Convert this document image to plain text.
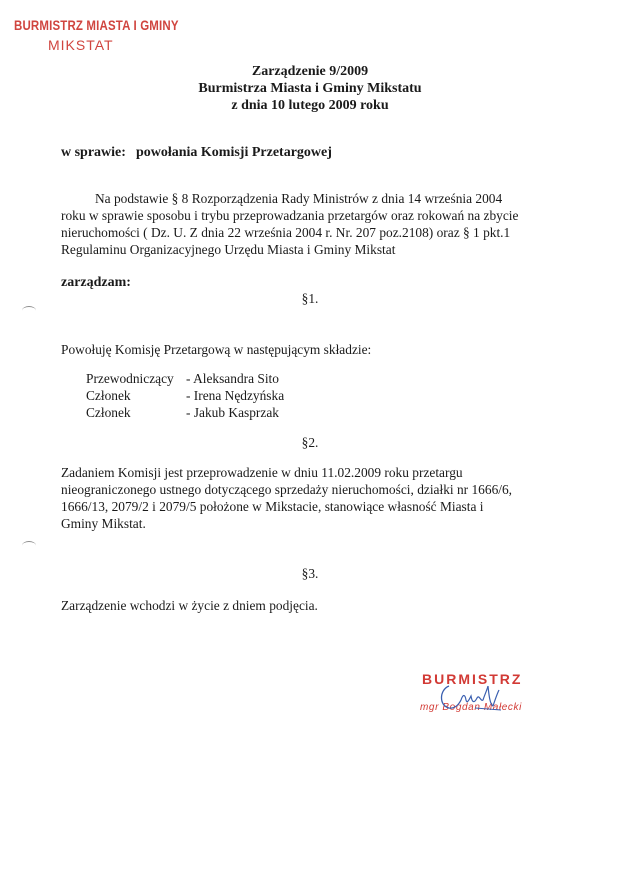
BURMISTRZ MIASTA I GMINY
MIKSTAT
Zarządzenie 9/2009
Burmistrza Miasta i Gminy Mikstatu
z dnia 10 lutego 2009 roku
w sprawie: powołania Komisji Przetargowej
Na podstawie § 8 Rozporządzenia Rady Ministrów z dnia 14 września 2004
roku w sprawie sposobu i trybu przeprowadzania przetargów oraz rokowań na zbycie
nieruchomości ( Dz. U. Z dnia 22 września 2004 r. Nr. 207 poz.2108) oraz § 1 pkt.1
Regulaminu Organizacyjnego Urzędu Miasta i Gminy Mikstat
zarządzam:
§1.
Powołuję Komisję Przetargową w następującym składzie:
Przewodniczący - Aleksandra Sito
Członek	- Irena Nędzyńska
Członek	- Jakub Kasprzak
§2.
Zadaniem Komisji jest przeprowadzenie w dniu 11.02.2009 roku przetargu
nieograniczonego ustnego dotyczącego sprzedaży nieruchomości, działki nr 1666/6,
1666/13, 2079/2 i 2079/5 położone w Mikstacie, stanowiące własność Miasta i
Gminy Mikstat.
§3.
Zarządzenie wchodzi w życie z dniem podjęcia.
BURMISTRZ
mgr Bogdan Małecki
